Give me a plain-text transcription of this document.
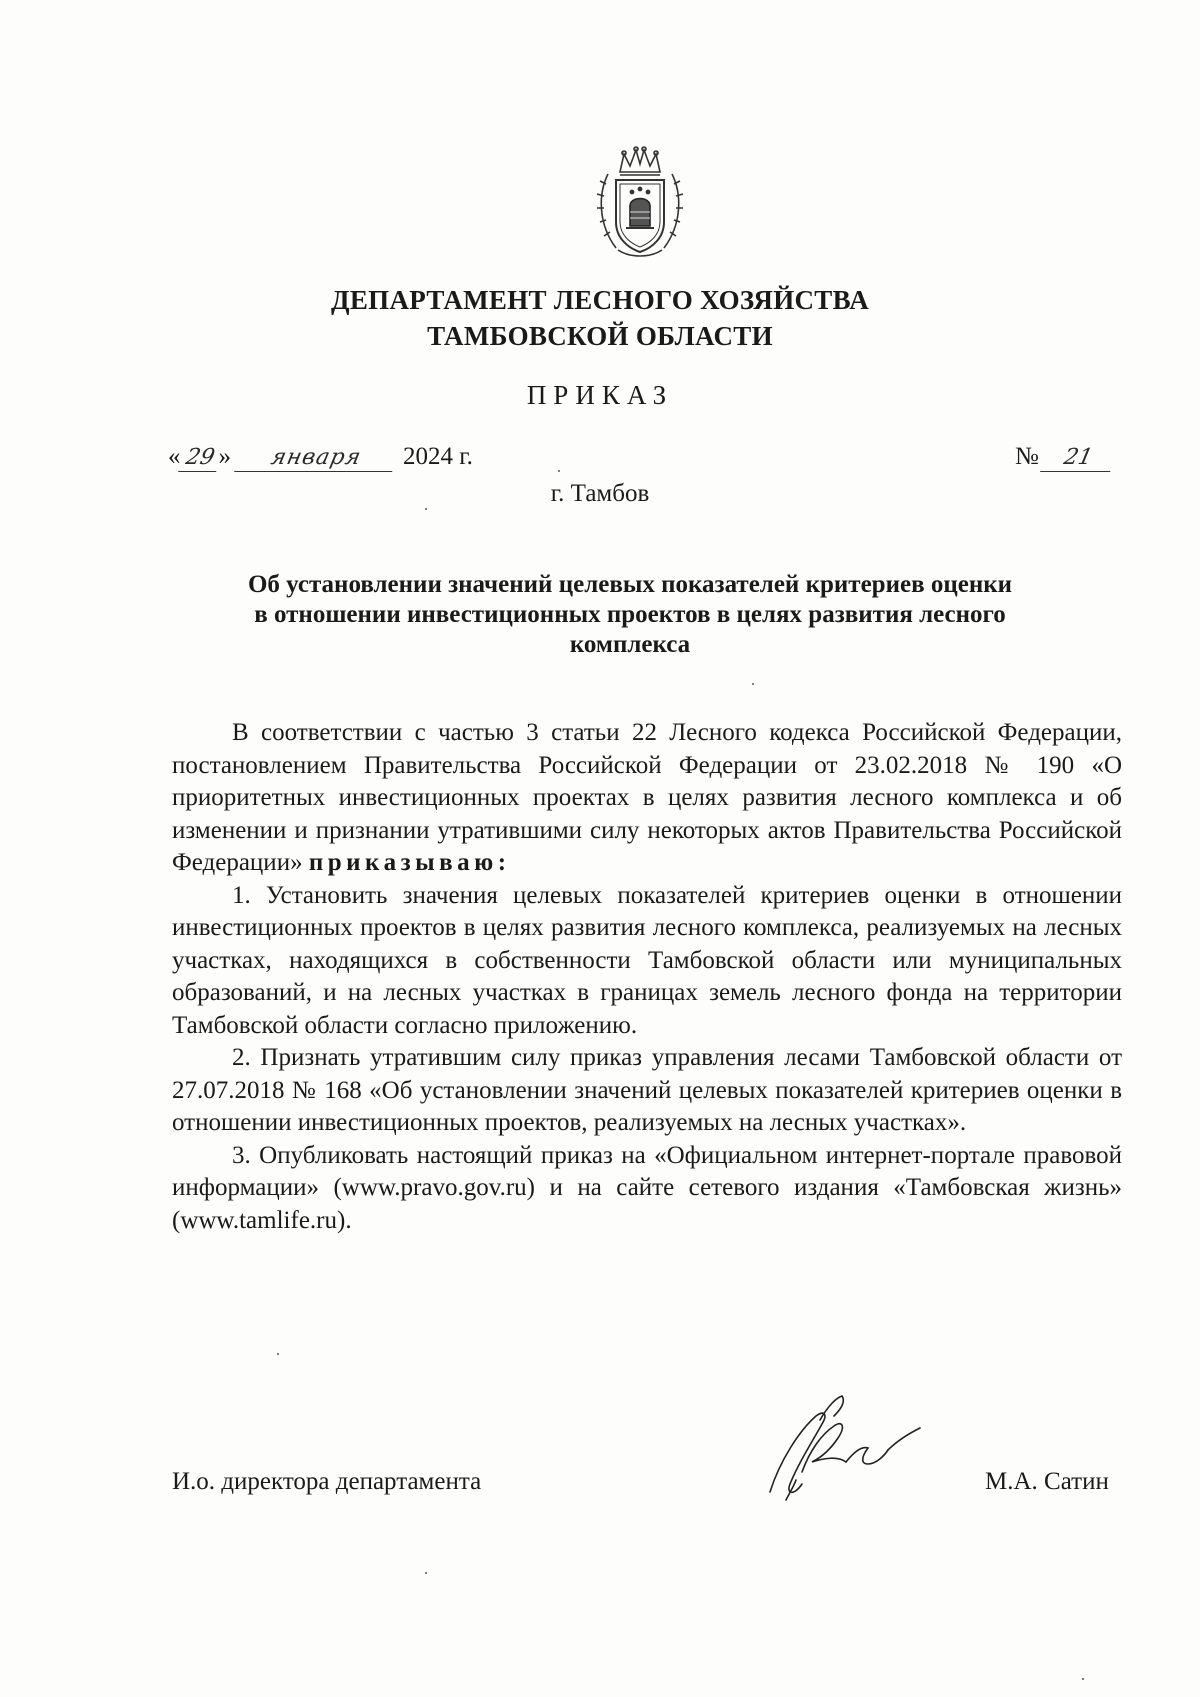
ДЕПАРТАМЕНТ ЛЕСНОГО ХОЗЯЙСТВА
ТАМБОВСКОЙ ОБЛАСТИ
ПРИКАЗ
« 29» января 2024 г.	№ 21
г. Тамбов
Об установлении значений целевых показателей критериев оценки
в отношении инвестиционных проектов в целях развития лесного
комплекса

В соответствии с частью 3 статьи 22 Лесного кодекса Российской Федерации, постановлением Правительства Российской Федерации от 23.02.2018 № 190 «О приоритетных инвестиционных проектах в целях развития лесного комплекса и об изменении и признании утратившими силу некоторых актов Правительства Российской Федерации» приказываю:

1. Установить значения целевых показателей критериев оценки в отношении инвестиционных проектов в целях развития лесного комплекса, реализуемых на лесных участках, находящихся в собственности Тамбовской области или муниципальных образований, и на лесных участках в границах земель лесного фонда на территории Тамбовской области согласно приложению.

2. Признать утратившим силу приказ управления лесами Тамбовской области от 27.07.2018 № 168 «Об установлении значений целевых показателей критериев оценки в отношении инвестиционных проектов, реализуемых на лесных участках».

3. Опубликовать настоящий приказ на «Официальном интернет-портале правовой информации» (www.pravo.gov.ru) и на сайте сетевого издания «Тамбовская жизнь» (www.tamlife.ru).

И.о. директора департамента	М.А. Сатин
